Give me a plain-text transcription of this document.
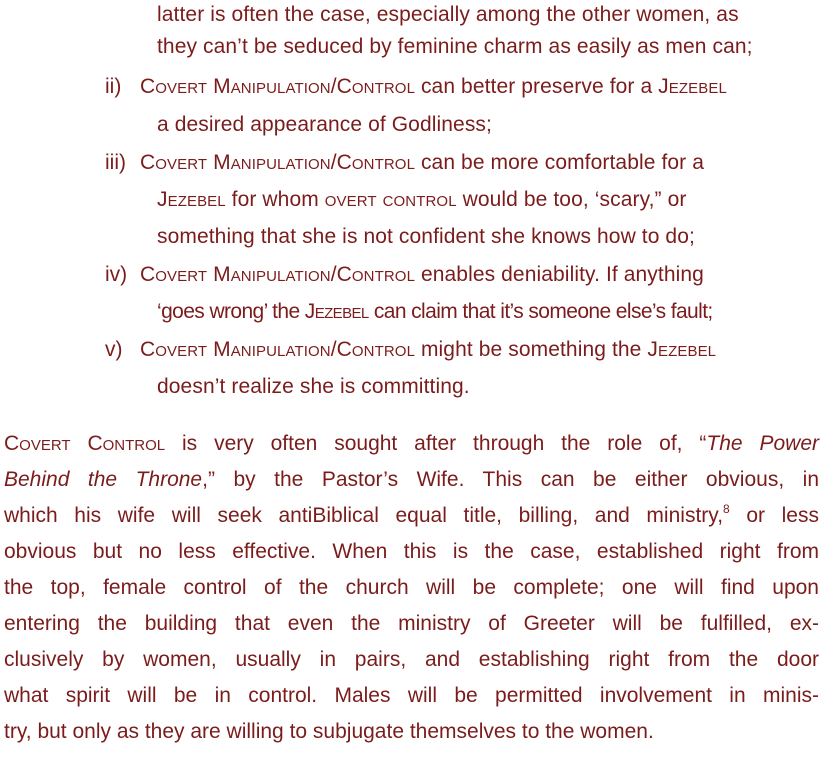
latter is often the case, especially among the other women, as
they can’t be seduced by feminine charm as easily as men can;
ii) Covert Manipulation/Control can better preserve for a Jezebel
a desired appearance of Godliness;
iii) Covert Manipulation/Control can be more comfortable for a
Jezebel for whom overt control would be too, ‘scary,” or
something that she is not confident she knows how to do;
iv) Covert Manipulation/Control enables deniability. If anything
‘goes wrong’ the Jezebel can claim that it’s someone else’s fault;
v) Covert Manipulation/Control might be something the Jezebel
doesn’t realize she is committing.
Covert Control is very often sought after through the role of, “The Power
Behind the Throne,” by the Pastor’s Wife. This can be either obvious, in
which his wife will seek antiBiblical equal title, billing, and ministry,$^8$ or less
obvious but no less effective. When this is the case, established right from
the top, female control of the church will be complete; one will find upon
entering the building that even the ministry of Greeter will be fulfilled, ex-
clusively by women, usually in pairs, and establishing right from the door
what spirit will be in control. Males will be permitted involvement in minis-
try, but only as they are willing to subjugate themselves to the women.
